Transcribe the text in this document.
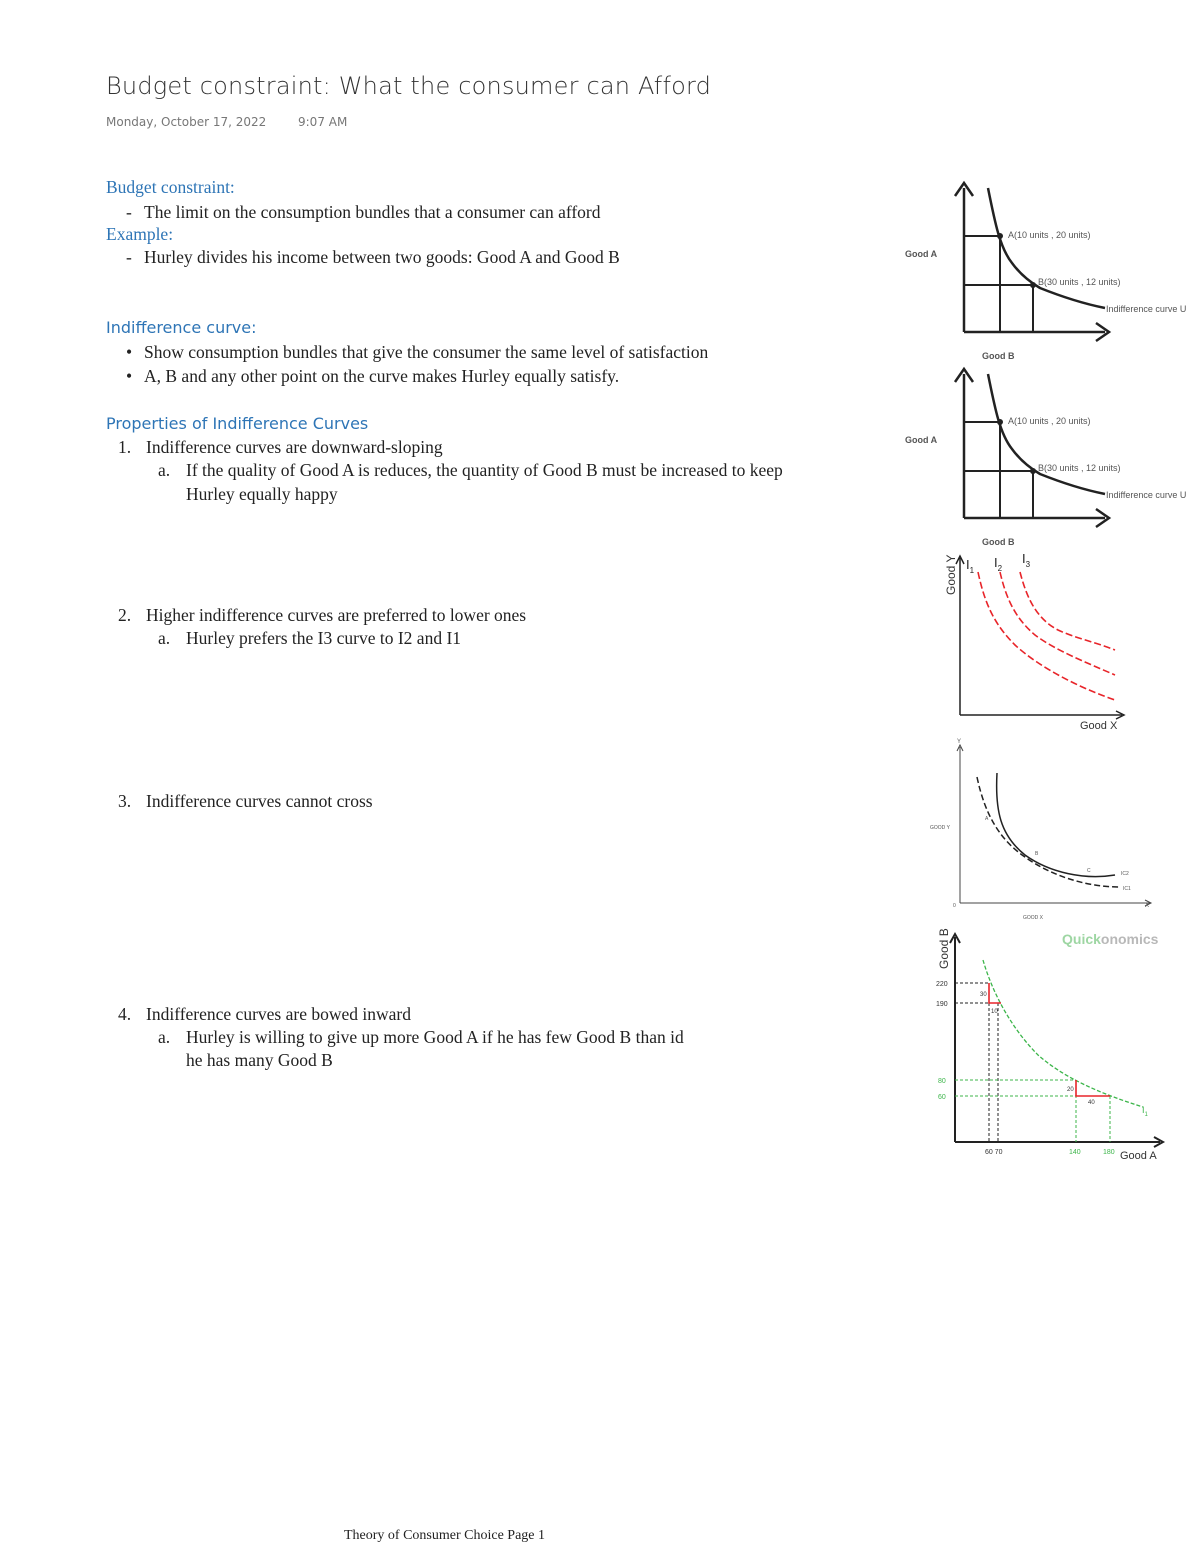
Budget constraint: What the consumer can Afford
Monday, October 17, 2022	9:07 AM
Budget constraint:
- The limit on the consumption bundles that a consumer can afford
Example:
- Hurley divides his income between two goods: Good A and Good B
Indifference curve:
• Show consumption bundles that give the consumer the same level of satisfaction
• A, B and any other point on the curve makes Hurley equally satisfy.
Properties of Indifference Curves
1. Indifference curves are downward-sloping
a. If the quality of Good A is reduces, the quantity of Good B must be increased to keep
Hurley equally happy
2. Higher indifference curves are preferred to lower ones
a. Hurley prefers the I3 curve to I2 and I1
3. Indifference curves cannot cross
4. Indifference curves are bowed inward
a. Hurley is willing to give up more Good A if he has few Good B than id
he has many Good B
Good A
Good B
A(10 units , 20 units)
B(30 units , 12 units)
Indifference curve U
Good A
Good B
A(10 units , 20 units)
B(30 units , 12 units)
Indifference curve U
Good Y
Good X
$I_1$
$I_2$
$I_3$
Y
GOOD Y
0	X
GOOD X
A
B
C	IC2
IC1
Quickonomics
Good B
Good A
220
190
80
60
60 70	140	180
30
10
20
40
$I_1$
Theory of Consumer Choice Page 1
